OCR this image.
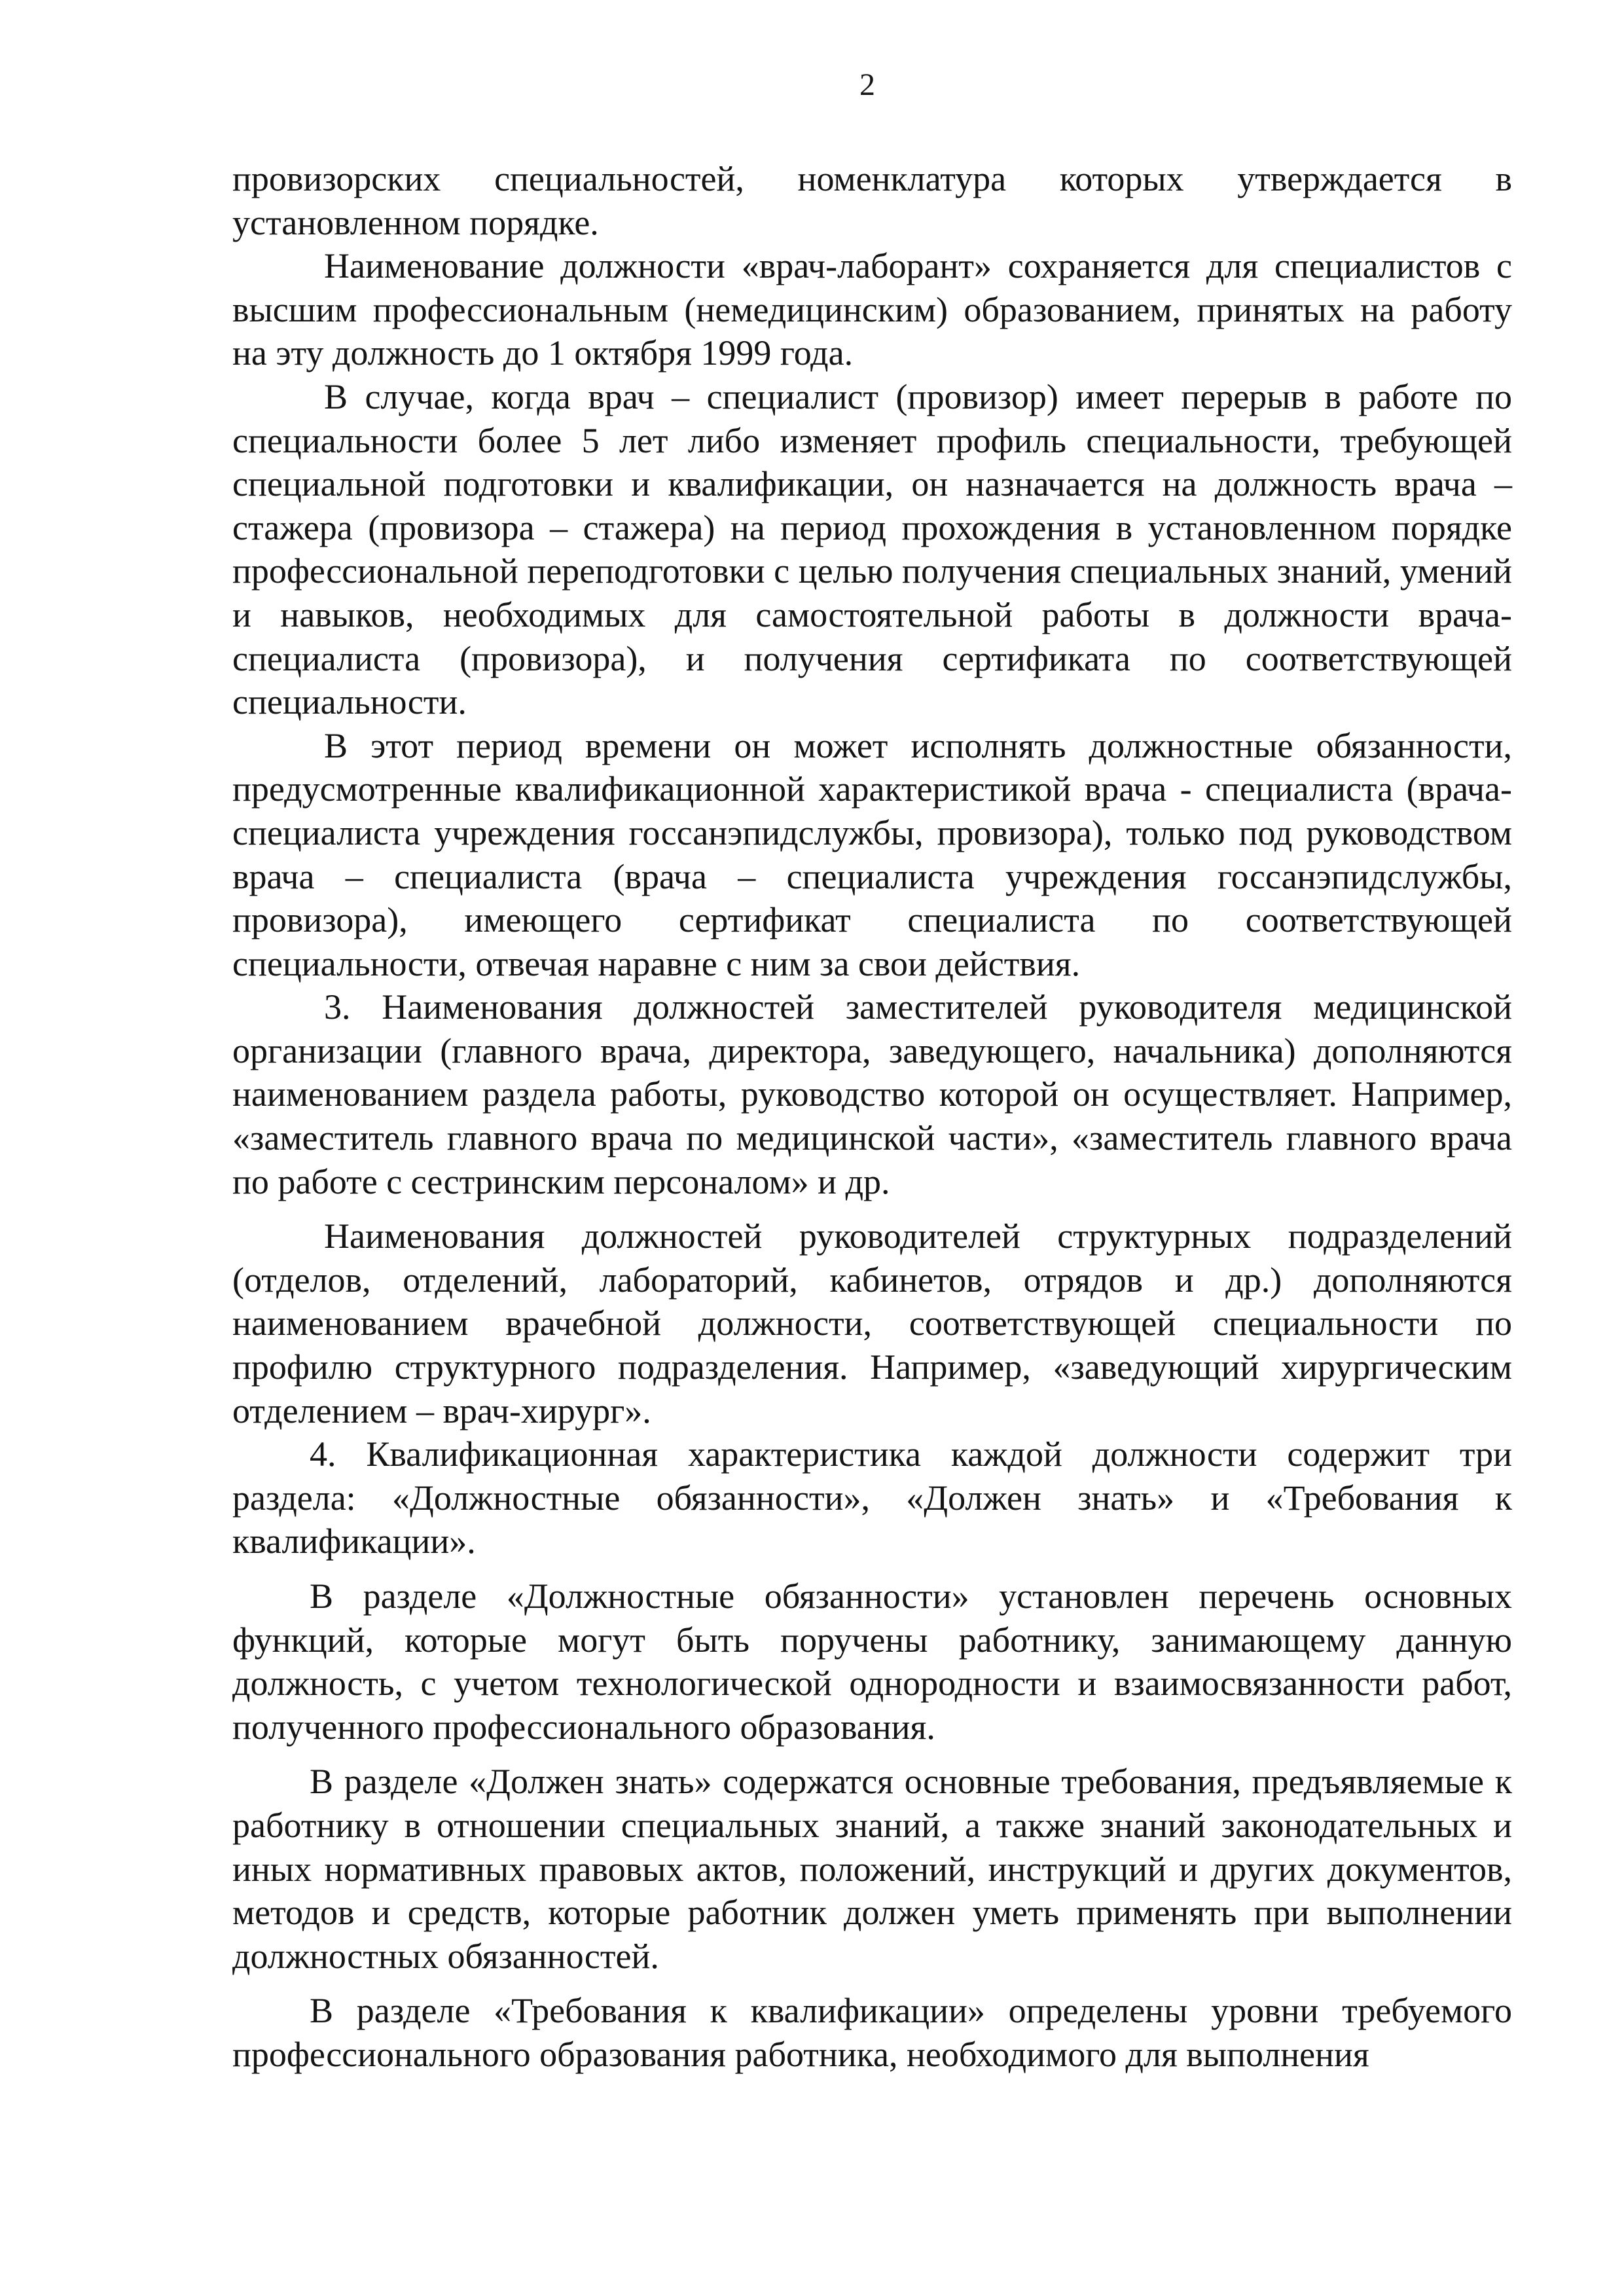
2

провизорских специальностей, номенклатура которых утверждается в установленном порядке.

Наименование должности «врач-лаборант» сохраняется для специалистов с высшим профессиональным (немедицинским) образованием, принятых на работу на эту должность до 1 октября 1999 года.

В случае, когда врач – специалист (провизор) имеет перерыв в работе по специальности более 5 лет либо изменяет профиль специальности, требующей специальной подготовки и квалификации, он назначается на должность врача – стажера (провизора – стажера) на период прохождения в установленном порядке профессиональной переподготовки с целью получения специальных знаний, умений и навыков, необходимых для самостоятельной работы в должности врача-специалиста (провизора), и получения сертификата по соответствующей специальности.

В этот период времени он может исполнять должностные обязанности, предусмотренные квалификационной характеристикой врача - специалиста (врача-специалиста учреждения госсанэпидслужбы, провизора), только под руководством врача – специалиста (врача – специалиста учреждения госсанэпидслужбы, провизора), имеющего сертификат специалиста по соответствующей специальности, отвечая наравне с ним за свои действия.

3. Наименования должностей заместителей руководителя медицинской организации (главного врача, директора, заведующего, начальника) дополняются наименованием раздела работы, руководство которой он осуществляет. Например, «заместитель главного врача по медицинской части», «заместитель главного врача по работе с сестринским персоналом» и др.

Наименования должностей руководителей структурных подразделений (отделов, отделений, лабораторий, кабинетов, отрядов и др.) дополняются наименованием врачебной должности, соответствующей специальности по профилю структурного подразделения. Например, «заведующий хирургическим отделением – врач-хирург».

4. Квалификационная характеристика каждой должности содержит три раздела: «Должностные обязанности», «Должен знать» и «Требования к квалификации».

В разделе «Должностные обязанности» установлен перечень основных функций, которые могут быть поручены работнику, занимающему данную должность, с учетом технологической однородности и взаимосвязанности работ, полученного профессионального образования.

В разделе «Должен знать» содержатся основные требования, предъявляемые к работнику в отношении специальных знаний, а также знаний законодательных и иных нормативных правовых актов, положений, инструкций и других документов, методов и средств, которые работник должен уметь применять при выполнении должностных обязанностей.

В разделе «Требования к квалификации» определены уровни требуемого профессионального образования работника, необходимого для выполнения
